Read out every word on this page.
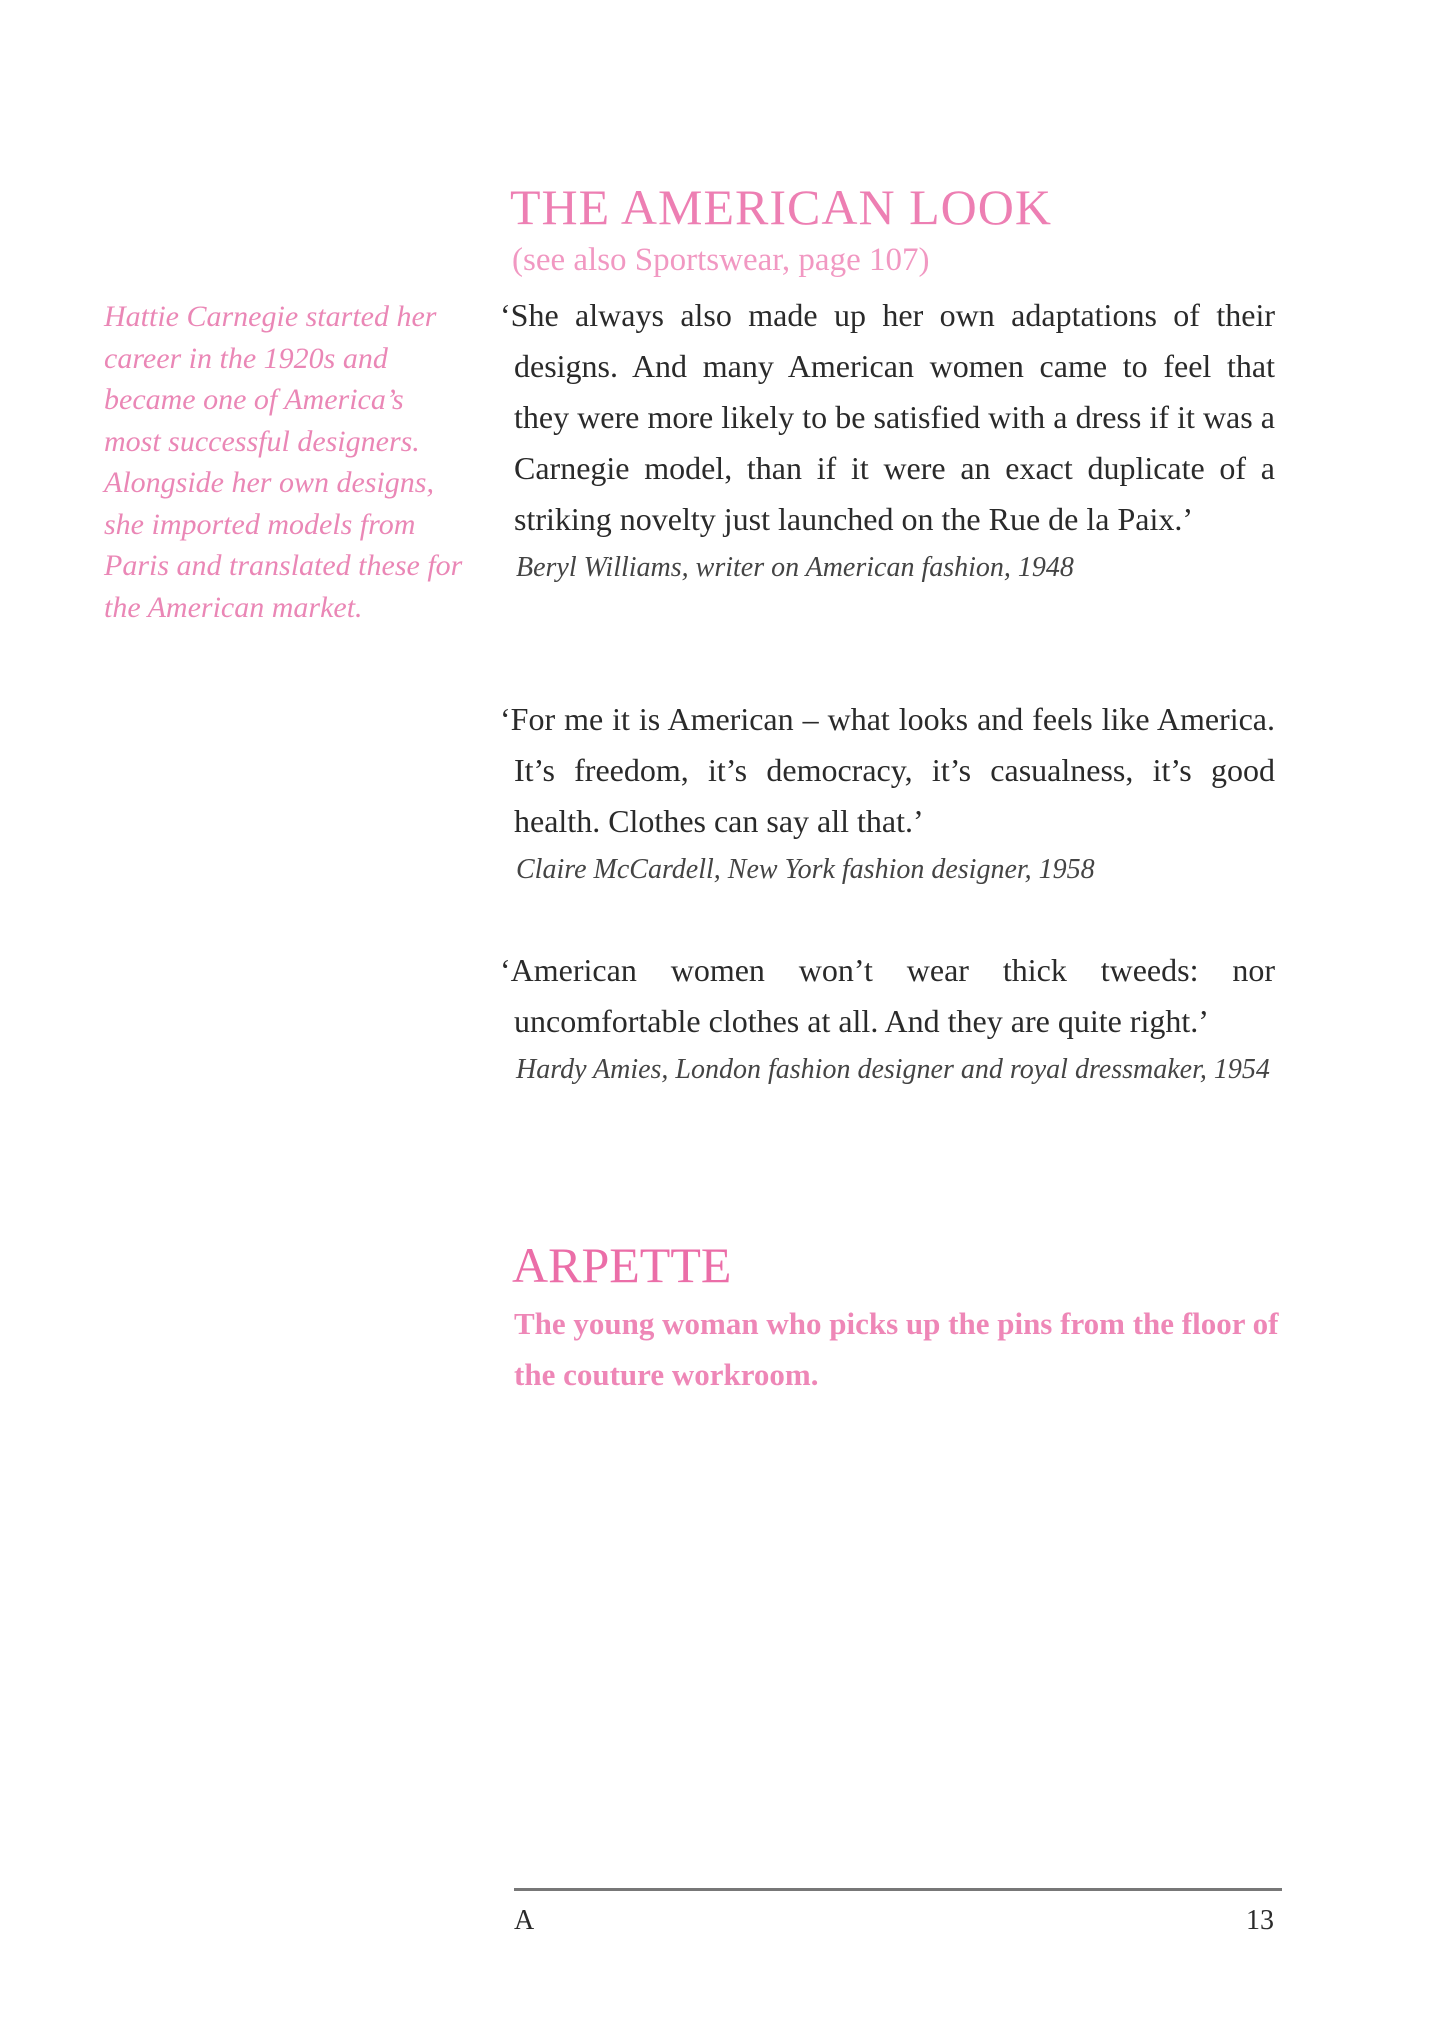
THE AMERICAN LOOK
(see also Sportswear, page 107)
Hattie Carnegie started her career in the 1920s and became one of America’s most successful designers. Alongside her own designs, she imported models from Paris and translated these for the American market.
‘She always also made up her own adaptations of their designs. And many American women came to feel that they were more likely to be satisfied with a dress if it was a Carnegie model, than if it were an exact duplicate of a striking novelty just launched on the Rue de la Paix.’
Beryl Williams, writer on American fashion, 1948
‘For me it is American – what looks and feels like America. It’s freedom, it’s democracy, it’s casualness, it’s good health. Clothes can say all that.’
Claire McCardell, New York fashion designer, 1958
‘American women won’t wear thick tweeds: nor uncomfortable clothes at all. And they are quite right.’
Hardy Amies, London fashion designer and royal dressmaker, 1954
ARPETTE
The young woman who picks up the pins from the floor of the couture workroom.
A	13
